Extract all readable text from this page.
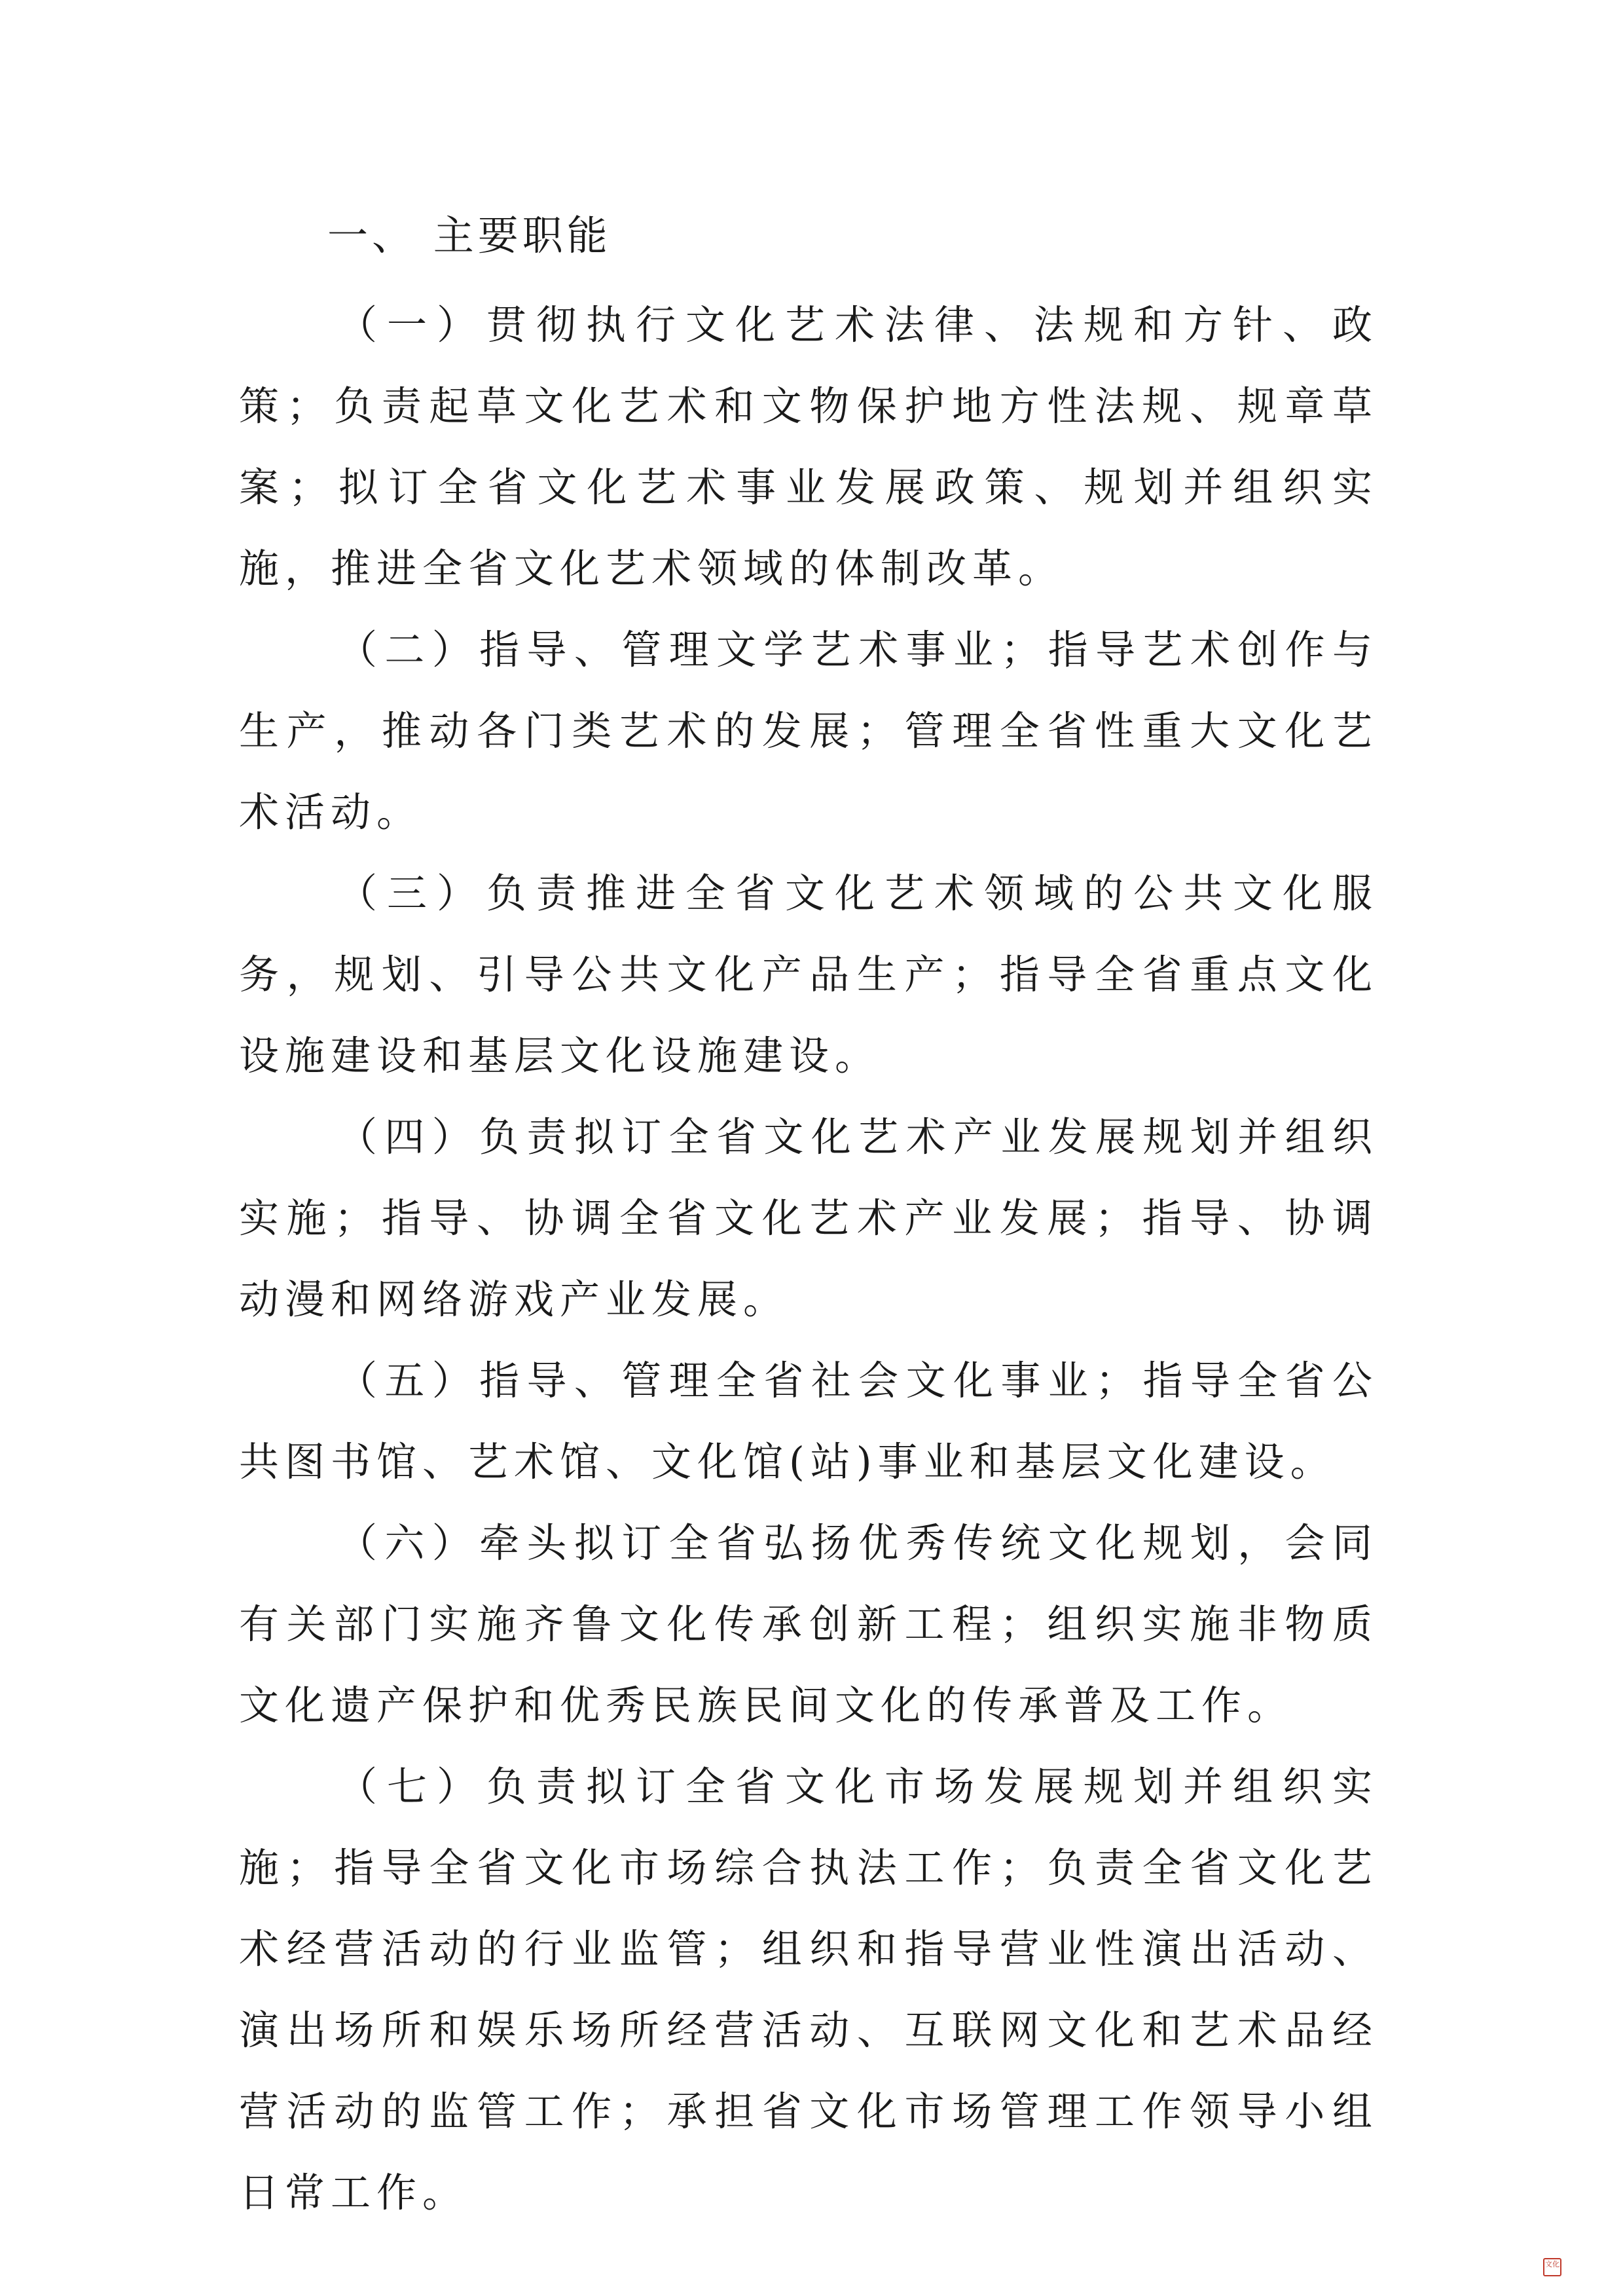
一、 主要职能

（一）贯彻执行文化艺术法律、法规和方针、政策；负责起草文化艺术和文物保护地方性法规、规章草案；拟订全省文化艺术事业发展政策、规划并组织实施，推进全省文化艺术领域的体制改革。

（二）指导、管理文学艺术事业；指导艺术创作与生产，推动各门类艺术的发展；管理全省性重大文化艺术活动。

（三）负责推进全省文化艺术领域的公共文化服务，规划、引导公共文化产品生产；指导全省重点文化设施建设和基层文化设施建设。

（四）负责拟订全省文化艺术产业发展规划并组织实施；指导、协调全省文化艺术产业发展；指导、协调动漫和网络游戏产业发展。

（五）指导、管理全省社会文化事业；指导全省公共图书馆、艺术馆、文化馆(站)事业和基层文化建设。

（六）牵头拟订全省弘扬优秀传统文化规划，会同有关部门实施齐鲁文化传承创新工程；组织实施非物质文化遗产保护和优秀民族民间文化的传承普及工作。

（七）负责拟订全省文化市场发展规划并组织实施；指导全省文化市场综合执法工作；负责全省文化艺术经营活动的行业监管；组织和指导营业性演出活动、演出场所和娱乐场所经营活动、互联网文化和艺术品经营活动的监管工作；承担省文化市场管理工作领导小组日常工作。

文化
